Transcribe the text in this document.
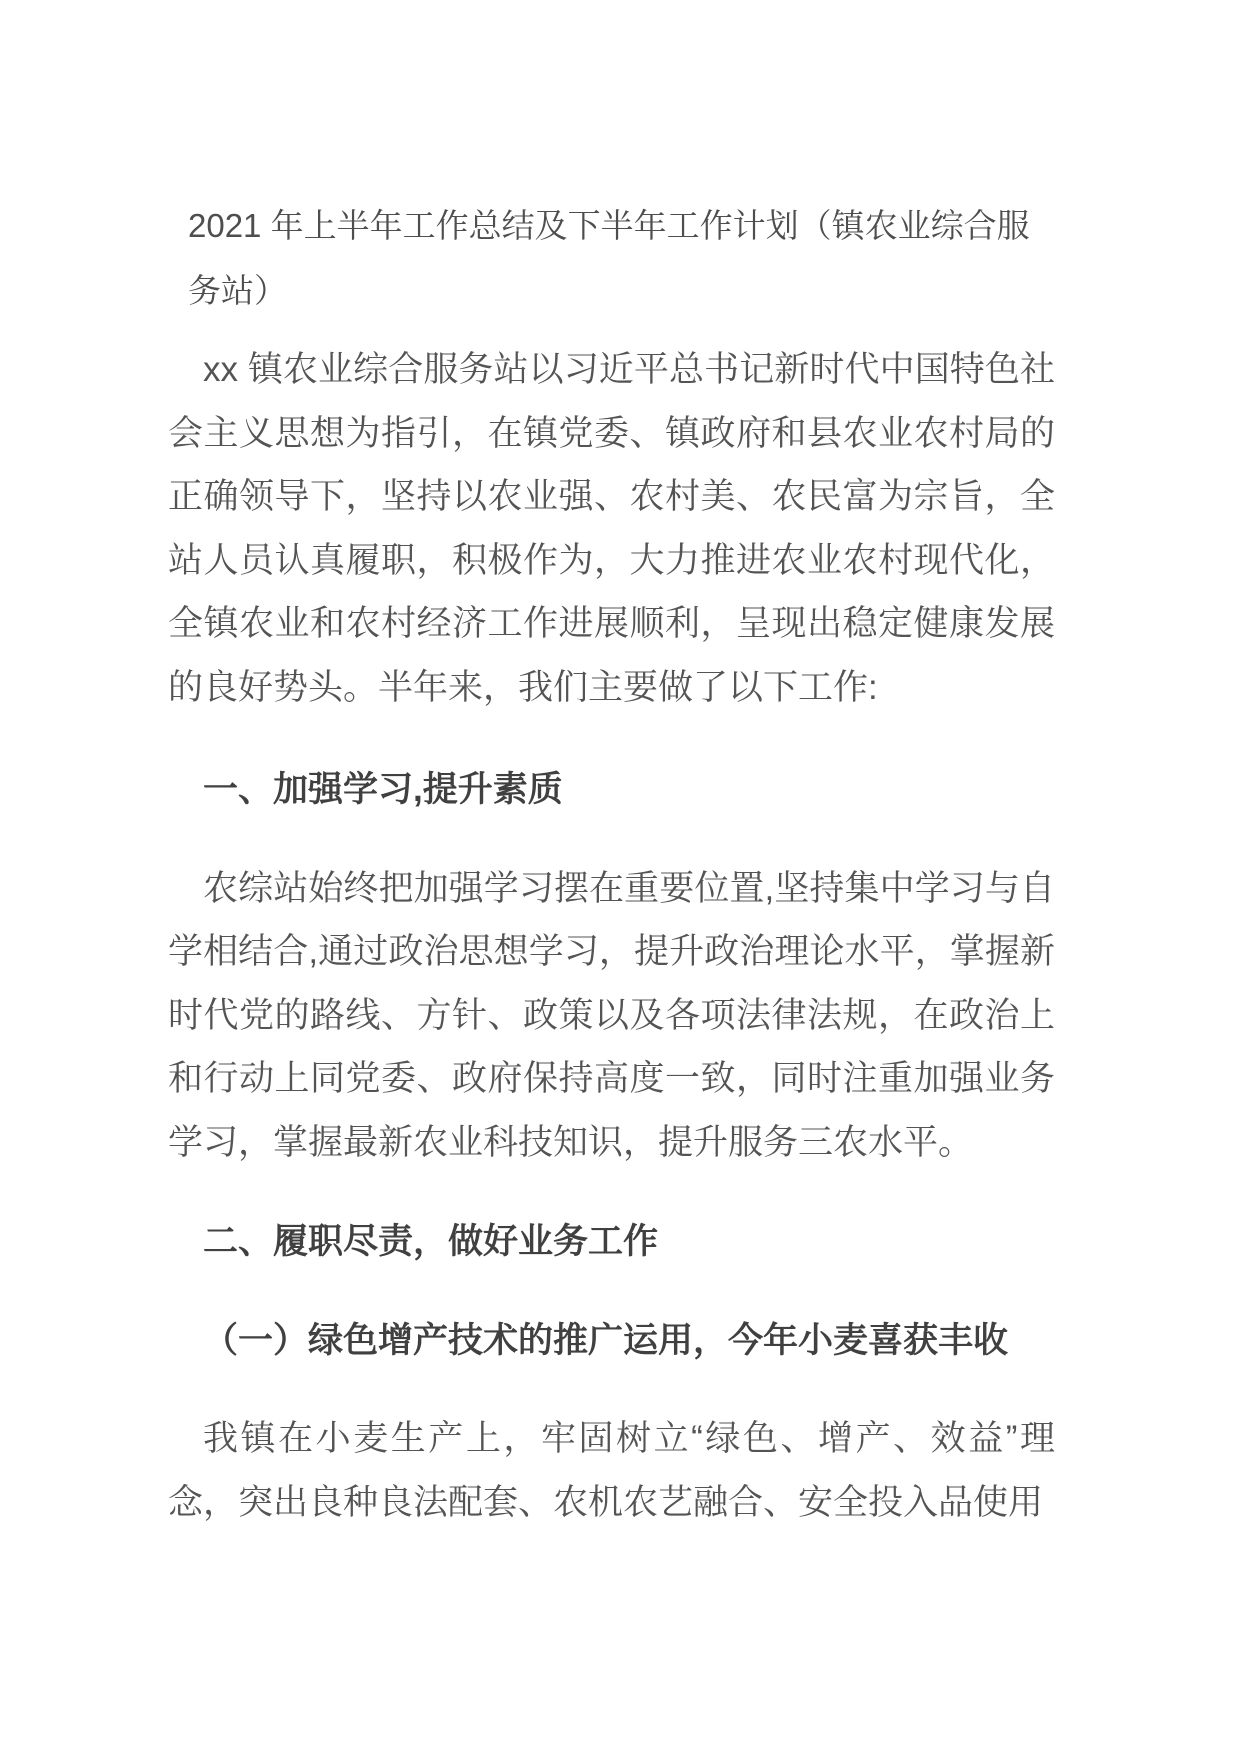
2021 年上半年工作总结及下半年工作计划（镇农业综合服务站）

xx 镇农业综合服务站以习近平总书记新时代中国特色社会主义思想为指引，在镇党委、镇政府和县农业农村局的正确领导下，坚持以农业强、农村美、农民富为宗旨，全站人员认真履职，积极作为，大力推进农业农村现代化，全镇农业和农村经济工作进展顺利，呈现出稳定健康发展的良好势头。半年来，我们主要做了以下工作:

一、加强学习,提升素质

农综站始终把加强学习摆在重要位置,坚持集中学习与自学相结合,通过政治思想学习，提升政治理论水平，掌握新时代党的路线、方针、政策以及各项法律法规，在政治上和行动上同党委、政府保持高度一致，同时注重加强业务学习，掌握最新农业科技知识，提升服务三农水平。

二、履职尽责，做好业务工作
（一）绿色增产技术的推广运用，今年小麦喜获丰收

我镇在小麦生产上，牢固树立“绿色、增产、效益”理念，突出良种良法配套、农机农艺融合、安全投入品使用
